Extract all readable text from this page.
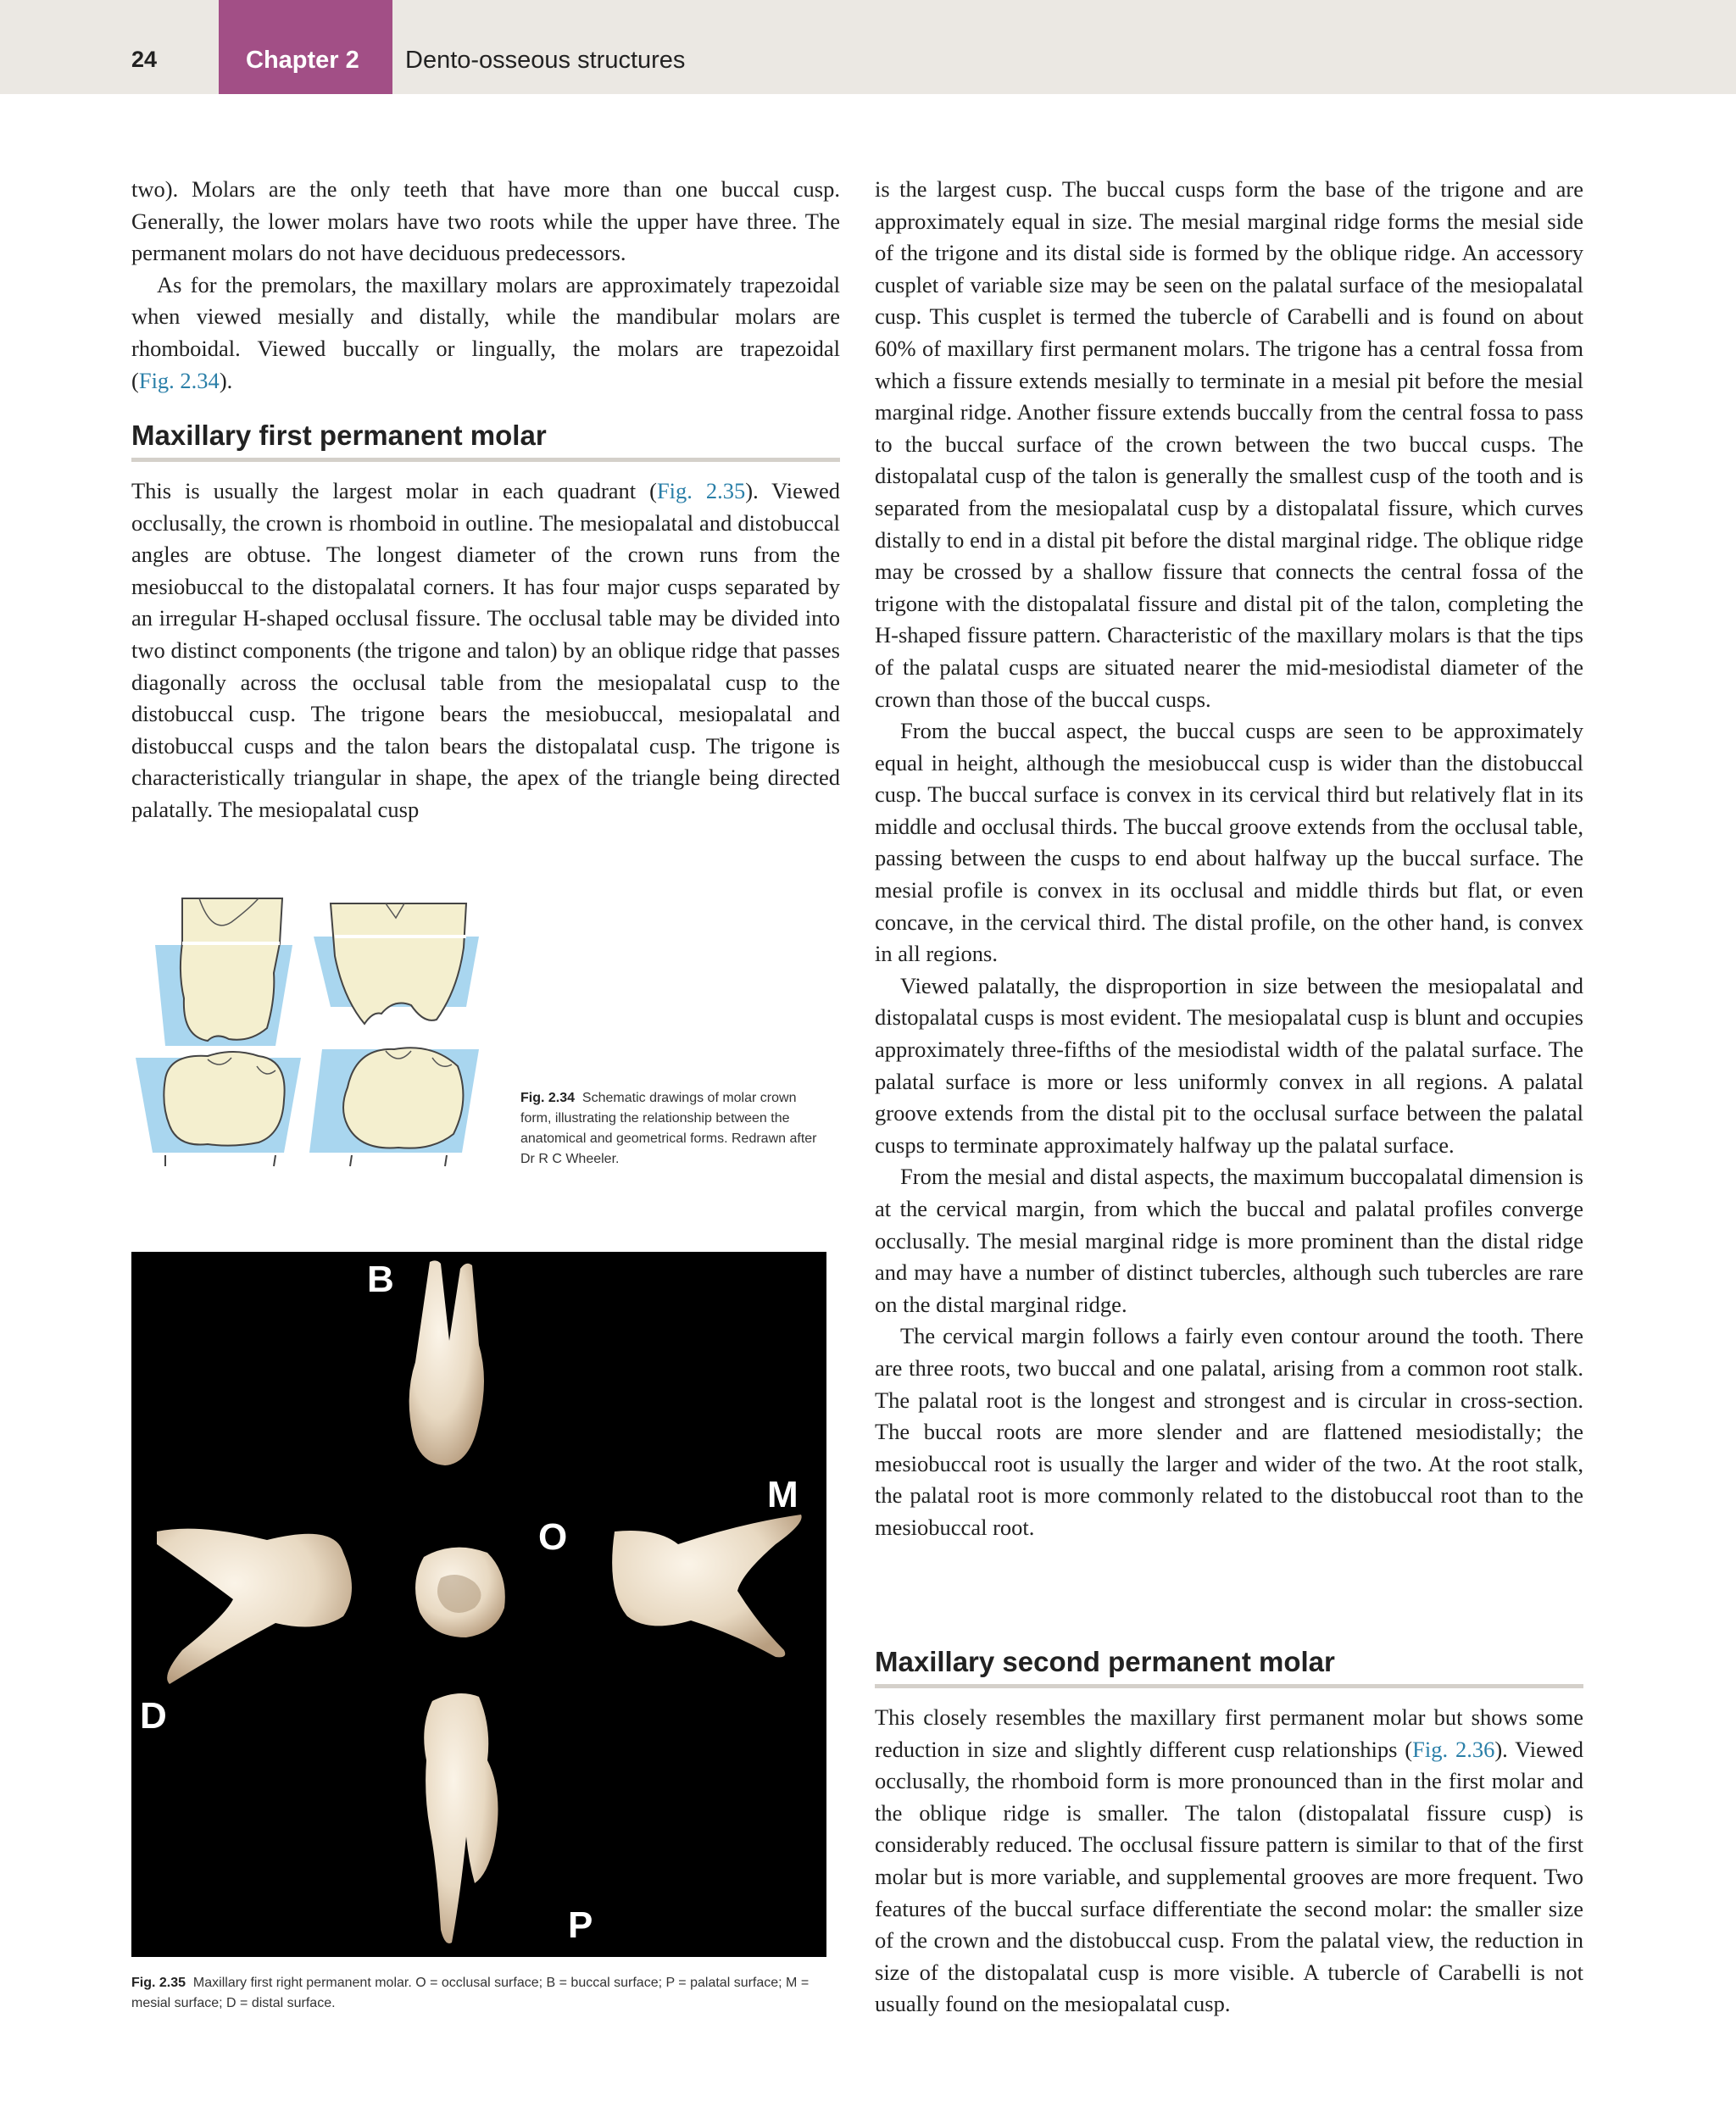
24	Chapter 2 Dento-osseous structures

two). Molars are the only teeth that have more than one buccal cusp. Generally, the lower molars have two roots while the upper have three. The permanent molars do not have deciduous predecessors.

As for the premolars, the maxillary molars are approximately trapezoidal when viewed mesially and distally, while the mandibular molars are rhomboidal. Viewed buccally or lingually, the molars are trapezoidal (Fig. 2.34).

Maxillary first permanent molar

This is usually the largest molar in each quadrant (Fig. 2.35). Viewed occlusally, the crown is rhomboid in outline. The mesiopalatal and distobuccal angles are obtuse. The longest diameter of the crown runs from the mesiobuccal to the distopalatal corners. It has four major cusps separated by an irregular H-shaped occlusal fissure. The occlusal table may be divided into two distinct components (the trigone and talon) by an oblique ridge that passes diagonally across the occlusal table from the mesiopalatal cusp to the distobuccal cusp. The trigone bears the mesiobuccal, mesiopalatal and distobuccal cusps and the talon bears the distopalatal cusp. The trigone is characteristically triangular in shape, the apex of the triangle being directed palatally. The mesiopalatal cusp

Fig. 2.34 Schematic drawings of molar crown form, illustrating the relationship between the anatomical and geometrical forms. Redrawn after Dr R C Wheeler.
B
M
O
D
P
Fig. 2.35 Maxillary first right permanent molar. O = occlusal surface; B = buccal surface; P = palatal surface; M = mesial surface; D = distal surface.

is the largest cusp. The buccal cusps form the base of the trigone and are approximately equal in size. The mesial marginal ridge forms the mesial side of the trigone and its distal side is formed by the oblique ridge. An accessory cusplet of variable size may be seen on the palatal surface of the mesiopalatal cusp. This cusplet is termed the tubercle of Carabelli and is found on about 60% of maxillary first permanent molars. The trigone has a central fossa from which a fissure extends mesially to terminate in a mesial pit before the mesial marginal ridge. Another fissure extends buccally from the central fossa to pass to the buccal surface of the crown between the two buccal cusps. The distopalatal cusp of the talon is generally the smallest cusp of the tooth and is separated from the mesiopalatal cusp by a distopalatal fissure, which curves distally to end in a distal pit before the distal marginal ridge. The oblique ridge may be crossed by a shallow fissure that connects the central fossa of the trigone with the distopalatal fissure and distal pit of the talon, completing the H-shaped fissure pattern. Characteristic of the maxillary molars is that the tips of the palatal cusps are situated nearer the mid-mesiodistal diameter of the crown than those of the buccal cusps.

From the buccal aspect, the buccal cusps are seen to be approximately equal in height, although the mesiobuccal cusp is wider than the distobuccal cusp. The buccal surface is convex in its cervical third but relatively flat in its middle and occlusal thirds. The buccal groove extends from the occlusal table, passing between the cusps to end about halfway up the buccal surface. The mesial profile is convex in its occlusal and middle thirds but flat, or even concave, in the cervical third. The distal profile, on the other hand, is convex in all regions.

Viewed palatally, the disproportion in size between the mesiopalatal and distopalatal cusps is most evident. The mesiopalatal cusp is blunt and occupies approximately three-fifths of the mesiodistal width of the palatal surface. The palatal surface is more or less uniformly convex in all regions. A palatal groove extends from the distal pit to the occlusal surface between the palatal cusps to terminate approximately halfway up the palatal surface.

From the mesial and distal aspects, the maximum buccopalatal dimension is at the cervical margin, from which the buccal and palatal profiles converge occlusally. The mesial marginal ridge is more prominent than the distal ridge and may have a number of distinct tubercles, although such tubercles are rare on the distal marginal ridge.

The cervical margin follows a fairly even contour around the tooth. There are three roots, two buccal and one palatal, arising from a common root stalk. The palatal root is the longest and strongest and is circular in cross-section. The buccal roots are more slender and are flattened mesiodistally; the mesiobuccal root is usually the larger and wider of the two. At the root stalk, the palatal root is more commonly related to the distobuccal root than to the mesiobuccal root.

Maxillary second permanent molar

This closely resembles the maxillary first permanent molar but shows some reduction in size and slightly different cusp relationships (Fig. 2.36). Viewed occlusally, the rhomboid form is more pronounced than in the first molar and the oblique ridge is smaller. The talon (distopalatal fissure cusp) is considerably reduced. The occlusal fissure pattern is similar to that of the first molar but is more variable, and supplemental grooves are more frequent. Two features of the buccal surface differentiate the second molar: the smaller size of the crown and the distobuccal cusp. From the palatal view, the reduction in size of the distopalatal cusp is more visible. A tubercle of Carabelli is not usually found on the mesiopalatal cusp.
